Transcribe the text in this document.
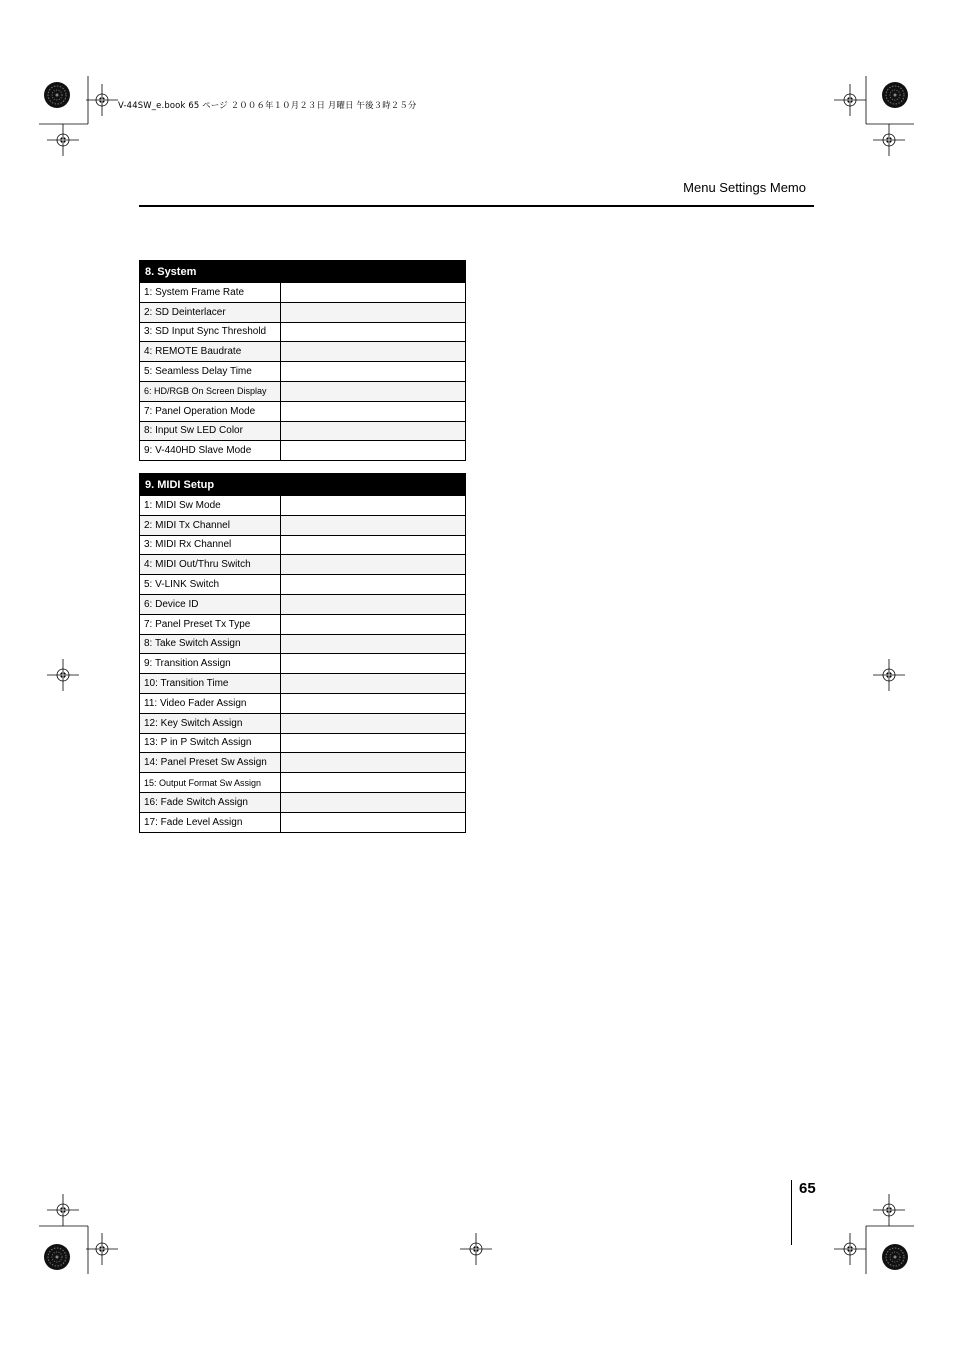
V-44SW_e.book 65 ページ ２００６年１０月２３日 月曜日 午後３時２５分
Menu Settings Memo
8. System	
1: System Frame Rate	
2: SD Deinterlacer	
3: SD Input Sync Threshold	
4: REMOTE Baudrate	
5: Seamless Delay Time	
6: HD/RGB On Screen Display	
7: Panel Operation Mode	
8: Input Sw LED Color	
9: V-440HD Slave Mode	
9. MIDI Setup	
1: MIDI Sw Mode	
2: MIDI Tx Channel	
3: MIDI Rx Channel	
4: MIDI Out/Thru Switch	
5: V-LINK Switch	
6: Device ID	
7: Panel Preset Tx Type	
8: Take Switch Assign	
9: Transition Assign	
10: Transition Time	
11: Video Fader Assign	
12: Key Switch Assign	
13: P in P Switch Assign	
14: Panel Preset Sw Assign	
15: Output Format Sw Assign	
16: Fade Switch Assign	
17: Fade Level Assign	
65
